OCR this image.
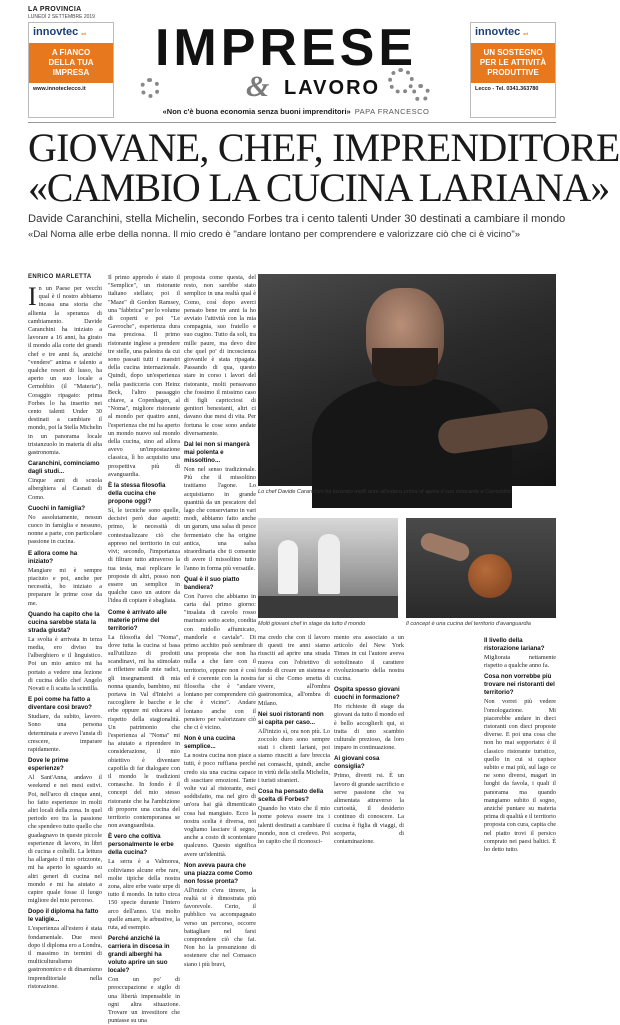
LA PROVINCIA
LUNEDÌ 2 SETTEMBRE 2019
innovtec srl
A FIANCO
DELLA TUA
IMPRESA
www.innoteclecco.it
IMPRESE
& LAVORO
innovtec srl
UN SOSTEGNO
PER LE ATTIVITÀ
PRODUTTIVE
Lecco - Tel. 0341.363780
«Non c'è buona economia senza buoni imprenditori» PAPA FRANCESCO
GIOVANE, CHEF, IMPRENDITORE
«CAMBIO LA CUCINA LARIANA»
Davide Caranchini, stella Michelin, secondo Forbes tra i cento talenti Under 30 destinati a cambiare il mondo
«Dal Noma alle erbe della nonna. Il mio credo è "andare lontano per comprendere e valorizzare ciò che ci è vicino"»
ENRICO MARLETTA

In un Paese per vecchi qual è il nostro abbiamo incasa una storia che allienta la speranza di cambiamento. Davide Caranchini ha iniziato a lavorare a 16 anni, ha girato il mondo alla corte dei grandi chef e tre anni fa, anziché "vendere" anima e talento a qualche resort di lusso, ha aperto un suo locale a Cernobbio (il "Materia"). Coraggio ripagato: prima Forbes lo ha inserito nei cento talenti Under 30 destinati a cambiare il mondo, poi la Stella Michelin in un panorama locale tristanzuolo in materia di alta gastronomia.

Caranchini, cominciamo dagli studi...

Cinque anni di scuola alberghiera al Casnati di Como.

Cuochi in famiglia?

No assolutamente, nessun cuoco in famiglia e nessuno, nonne a parte, con particolare passione in cucina.

E allora come ha iniziato?

Mangiare mi è sempre piaciuto e poi, anche per necessità, ho iniziato a preparare le prime cose da me.

Quando ha capito che la cucina sarebbe stata la strada giusta?

La svolta è arrivata in terza media, ero diviso tra l'alberghiero e il linguistico. Poi un mio amico mi ha portato a vedere una lezione di cucina dello chef Angelo Novati e lì scatta la scintilla.

E poi come ha fatto a diventare così bravo?

Studiare, da subito, lavoro. Sono una persona determinata e avevo l'ansia di crescere, imparare rapidamente.

Dove le prime esperienze?

Al Sant'Anna, andavo il weekend e nei mesi estivi. Poi, nell'arco di cinque anni, ho fatto esperienze in molti altri locali della zona. In quel periodo ero tra la passione che spendevo tutto quello che guadagnavo in queste piccole esperienze di lavoro, in libri di cucina e coltelli. La lettura ha allargato il mio orizzonte, mi ha aperto lo sguardo su altri generi di cucina nel mondo e mi ha aiutato a capire quale fosse il luogo migliore del mio percorso.

Dopo il diploma ha fatto le valigie...

L'esperienza all'estero è stata fondamentale. Due mesi dopo il diploma ero a Londra, il massimo in termini di multiculturalismo gastronomico e di dinamismo imprenditoriale nella ristorazione.

Il primo approdo è stato il "Semplice", un ristorante italiano stellato; poi il "Maze" di Gordon Ramsey, una "fabbrica" per lo volume di coperti e poi "Le Gavroche", esperienza dura ma preziosa. Il primo ristorante inglese a prendere tre stelle, una palestra da cui sono passati tutti i maestri della cucina internazionale. Quindi, dopo un'esperienza nella pasticceria con Heinz Beck, l'altro passaggio chiave, a Copenhagen, al "Noma", migliore ristorante al mondo per quattro anni, l'esperienza che mi ha aperto un mondo nuovo sul mondo della cucina, sino ad allora avevo un'impostazione classica, lì ho acquisito una prospettiva più di avanguardia.

È la stessa filosofia della cucina che propone oggi?

Sì, le tecniche sono quelle, decisivi però due aspetti: primo, le necessità di contestualizzare ciò che appreso nel territorio in cui vivi; secondo, l'importanza di filtrare tutto attraverso la tua testa, mai replicare le proposte di altri, posso non essere un semplice in qualche caso un autore da l'idea di copiare è sbagliata.

Come è arrivato alle materie prime del territorio?

La filosofia del "Noma", dove tutta la cucina si basa sull'utilizzo di prodotti scandinavi, mi ha stimolato a riflettere sulle mie radici, gli insegnamenti di mia nonna quando, bambino, mi portava in Val d'Intelvi a raccogliere le bacche e le erbe oppure mi educava al rispetto della stagionalità. Un patrimonio che l'esperienza al "Noma" mi ha aiutato a riprendere in considerazione, il mio obiettivo è diventare capofila di far dialogare con il mondo le tradizioni comasche. In fondo è il concept del mio stesso ristorante che ha l'ambizione di proporre una cucina del territorio contemporanea se non avanguardista.

È vero che coltiva personalmente le erbe della cucina?

La serra è a Valmorea, coltiviamo alcune erbe rare, molte tipiche della nostra zona, altre erbe vaste urpe di tutto il mondo. In tutto circa 150 specie durante l'intero arco dell'anno. Usi molto quelle amare, le arbustive, la ruta, ad esempio.

Perché anziché la carriera in discesa in grandi alberghi ha voluto aprire un suo locale?

Con un po' di preoccupazione e sigilo di una libertà impensabile in ogni altra situazione. Trovare un investitore che puntasse su una

proposta come questa, del resto, non sarebbe stato semplice in una realtà qual è Como, così dopo averci pensato bene tre anni fa ho avviato l'attività con la mia compagnia, suo fratello e suo cugino. Tutto da soli, tra mille paure, ma devo dire che quel po' di incoscienza giovanile è stata ripagata. Passando di qua, questo stare in corso i lavori del ristorante, molti pensavano che fossimo il missimo caso di figli capricciosi di genitori benestanti, altri ci davano due mesi di vita. Per fortuna le cose sono andate diversamente.

Dal lei non si mangerà mai polenta e missoltino...

Non nel senso tradizionale. Più che il missoltino trattiamo l'agone. Lo acquistiamo in grande quantità da un pescatore del lago che conserviamo in vari modi, abbiamo fatto anche un garum, una salsa di pesce fermentato che ha origine antica, una salsa straordinaria che ti consente di avere il missoltino tutto l'anno in forma più versatile.

Qual è il suo piatto bandiera?

Con l'uovo che abbiamo in carta dal primo giorno: "insalata di cavolo rosso marinato sotto aceto, condita con midollo affumicato, mandorle e caviale". Di primo acchito può sembrare una proposta che non ha nulla a che fare con il territorio, eppure non è così ed è coerente con la nostra filosofia che è "andare lontano per comprendere ciò che è vicino". Andare lontano anche con il pensiero per valorizzare ciò che ci è vicino.

Non è una cucina semplice...

La nostra cucina non piace a tutti, è poco ruffiana perché credo sia una cucina capace di suscitare emozioni. Tante volte vai al ristorante, esci soddisfatto, ma nel giro di un'ora hai già dimenticato cosa hai mangiato. Ecco la nostra scelta è diversa, noi vogliamo lasciare il segno, anche a costo di scontentare qualcuno. Questo significa avere un'identità.

Non aveva paura che una piazza come Como non fosse pronta?

All'inizio c'era timore, la realtà si è dimostrata più favorevole. Certo, il pubblico va accompagnato verso un percorso, occorre battagliare nel farsi comprendere ciò che fai. Non ho la presunzione di sostenere che nel Comasco siano i più bravi,

ma credo che con il lavoro di questi tre anni siamo riusciti ad aprire una strada nuova con l'obiettivo di fondo di creare un sistema e far sì che Como smetta di vivere, all'ombra gastronomica, all'ombra di Milano.

Nei suoi ristoranti non si capita per caso...

All'inizio sì, ora non più. Lo zoccolo duro sono sempre stati i clienti lariani, poi siamo riusciti a fare breccia nei comaschi, quindi, anche in virtù della stella Michelin, i turisti stranieri.

Cosa ha pensato della scelta di Forbes?

Quando ho visto che il mio nome poteva essere tra i talenti destinati a cambiare il mondo, non ci credevo. Poi ho capito che il riconosci-

mento era associato a un articolo del New York Times in cui l'autore aveva sottolineato il carattere rivoluzionario della nostra cucina.

Ospita spesso giovani cuochi in formazione?

Ho richieste di stage da giovani da tutto il mondo ed è bello accoglierli qui, si tratta di uno scambio culturale prezioso, da loro imparo in continuazione.

Ai giovani cosa consiglia?

Primo, diverti rsi. È un lavoro di grande sacrificio e serve passione che va alimentata attraverso la curiosità, il desiderio continuo di conoscere. La cucina è figlia di viaggi, di scoperta, di contaminazione.

Il livello della ristorazione lariana?

Migliorata nettamente rispetto a qualche anno fa.

Cosa non vorrebbe più trovare nei ristoranti del territorio?

Non vorrei più vedere l'omologazione. Mi piacerebbe andare in dieci ristoranti con dieci proposte diverse. E poi una cosa che non ho mai sopportato: è il classico ristorante turistico, quello in cui si capisce subito e mai più, sul lago ce ne sono diversi, magari in luoghi da favola, i quali il panorama ma quando mangiamo subito il sogno, anziché puntare su materia prima di qualità e il territorio proposta con cura, capita che nel piatto trovi il persico comprato nei paesi baltici. È ho detto tutto.

Lo chef Davide Caranchini ha lavorato molti anni all'estero prima di aprire il suo ristorante a Cernobbio
Molti giovani chef in stage da tutto il mondo	Il concept è una cucina del territorio d'avanguardia
